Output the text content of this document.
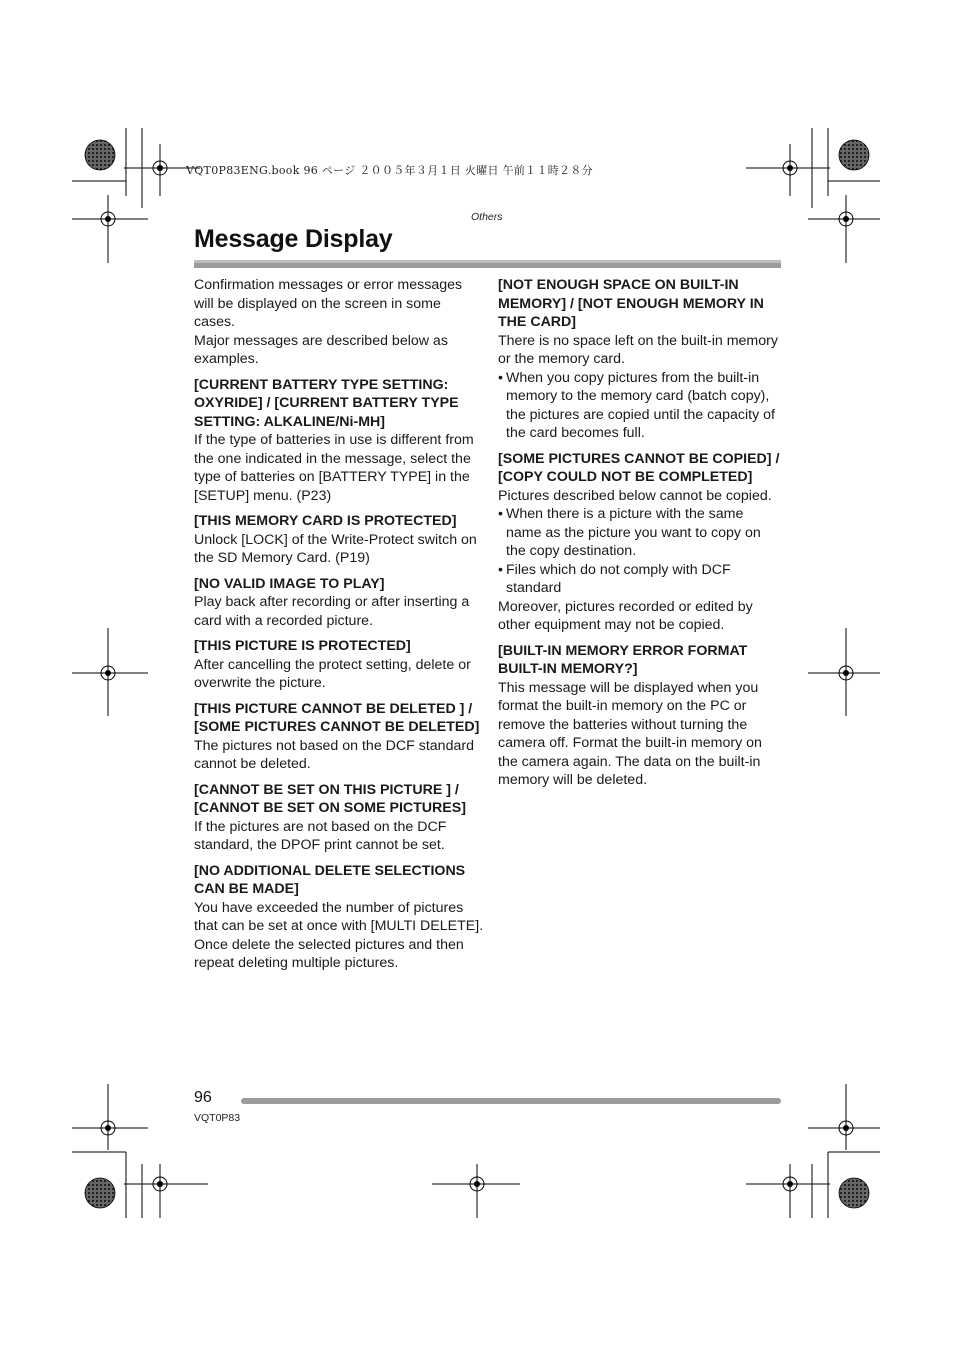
VQT0P83ENG.book 96 ページ ２００５年３月１日 火曜日 午前１１時２８分
Others
Message Display

Confirmation messages or error messages will be displayed on the screen in some cases.

Major messages are described below as examples.

[CURRENT BATTERY TYPE SETTING: OXYRIDE] / [CURRENT BATTERY TYPE SETTING: ALKALINE/Ni-MH]

If the type of batteries in use is different from the one indicated in the message, select the type of batteries on [BATTERY TYPE] in the [SETUP] menu. (P23)

[THIS MEMORY CARD IS PROTECTED]

Unlock [LOCK] of the Write-Protect switch on the SD Memory Card. (P19)

[NO VALID IMAGE TO PLAY]

Play back after recording or after inserting a card with a recorded picture.

[THIS PICTURE IS PROTECTED]

After cancelling the protect setting, delete or overwrite the picture.

[THIS PICTURE CANNOT BE DELETED ] / [SOME PICTURES CANNOT BE DELETED]

The pictures not based on the DCF standard cannot be deleted.

[CANNOT BE SET ON THIS PICTURE ] / [CANNOT BE SET ON SOME PICTURES]

If the pictures are not based on the DCF standard, the DPOF print cannot be set.

[NO ADDITIONAL DELETE SELECTIONS CAN BE MADE]

You have exceeded the number of pictures that can be set at once with [MULTI DELETE]. Once delete the selected pictures and then repeat deleting multiple pictures.

[NOT ENOUGH SPACE ON BUILT-IN MEMORY] / [NOT ENOUGH MEMORY IN THE CARD]

There is no space left on the built-in memory or the memory card.

• When you copy pictures from the built-in memory to the memory card (batch copy), the pictures are copied until the capacity of the card becomes full.

[SOME PICTURES CANNOT BE COPIED] / [COPY COULD NOT BE COMPLETED]

Pictures described below cannot be copied.

• When there is a picture with the same name as the picture you want to copy on the copy destination.
• Files which do not comply with DCF standard

Moreover, pictures recorded or edited by other equipment may not be copied.

[BUILT-IN MEMORY ERROR FORMAT BUILT-IN MEMORY?]

This message will be displayed when you format the built-in memory on the PC or remove the batteries without turning the camera off. Format the built-in memory on the camera again. The data on the built-in memory will be deleted.

96
VQT0P83
